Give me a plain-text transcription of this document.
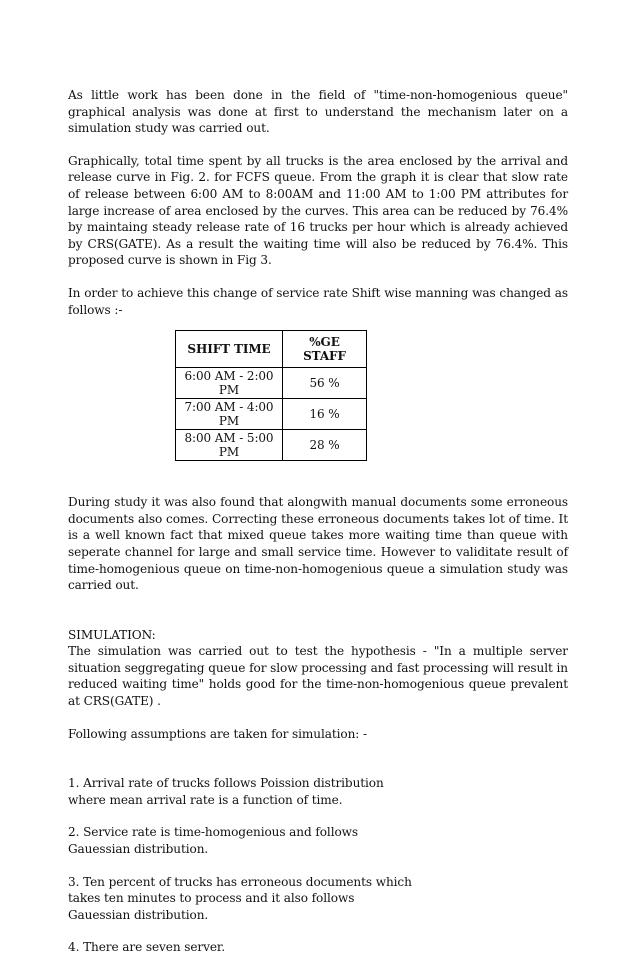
As little work has been done in the field of "time-non-homogenious queue" graphical analysis was done at first to understand the mechanism later on a simulation study was carried out.

Graphically, total time spent by all trucks is the area enclosed by the arrival and release curve in Fig. 2. for FCFS queue. From the graph it is clear that slow rate of release between 6:00 AM to 8:00AM and 11:00 AM to 1:00 PM attributes for large increase of area enclosed by the curves. This area can be reduced by 76.4% by maintaing steady release rate of 16 trucks per hour which is already achieved by CRS(GATE). As a result the waiting time will also be reduced by 76.4%. This proposed curve is shown in Fig 3.

In order to achieve this change of service rate Shift wise manning was changed as follows :-

SHIFT TIME	%GE STAFF
6:00 AM - 2:00 PM	56 %
7:00 AM - 4:00 PM	16 %
8:00 AM - 5:00 PM	28 %

During study it was also found that alongwith manual documents some erroneous documents also comes. Correcting these erroneous documents takes lot of time. It is a well known fact that mixed queue takes more waiting time than queue with seperate channel for large and small service time. However to validitate result of time-homogenious queue on time-non-homogenious queue a simulation study was carried out.

SIMULATION:

The simulation was carried out to test the hypothesis - "In a multiple server situation seggregating queue for slow processing and fast processing will result in reduced waiting time" holds good for the time-non-homogenious queue prevalent at CRS(GATE) .

Following assumptions are taken for simulation: -

1. Arrival rate of trucks follows Poission distribution where mean arrival rate is a function of time.

2. Service rate is time-homogenious and follows Gauessian distribution.

3. Ten percent of trucks has erroneous documents which takes ten minutes to process and it also follows Gauessian distribution.

4. There are seven server.
